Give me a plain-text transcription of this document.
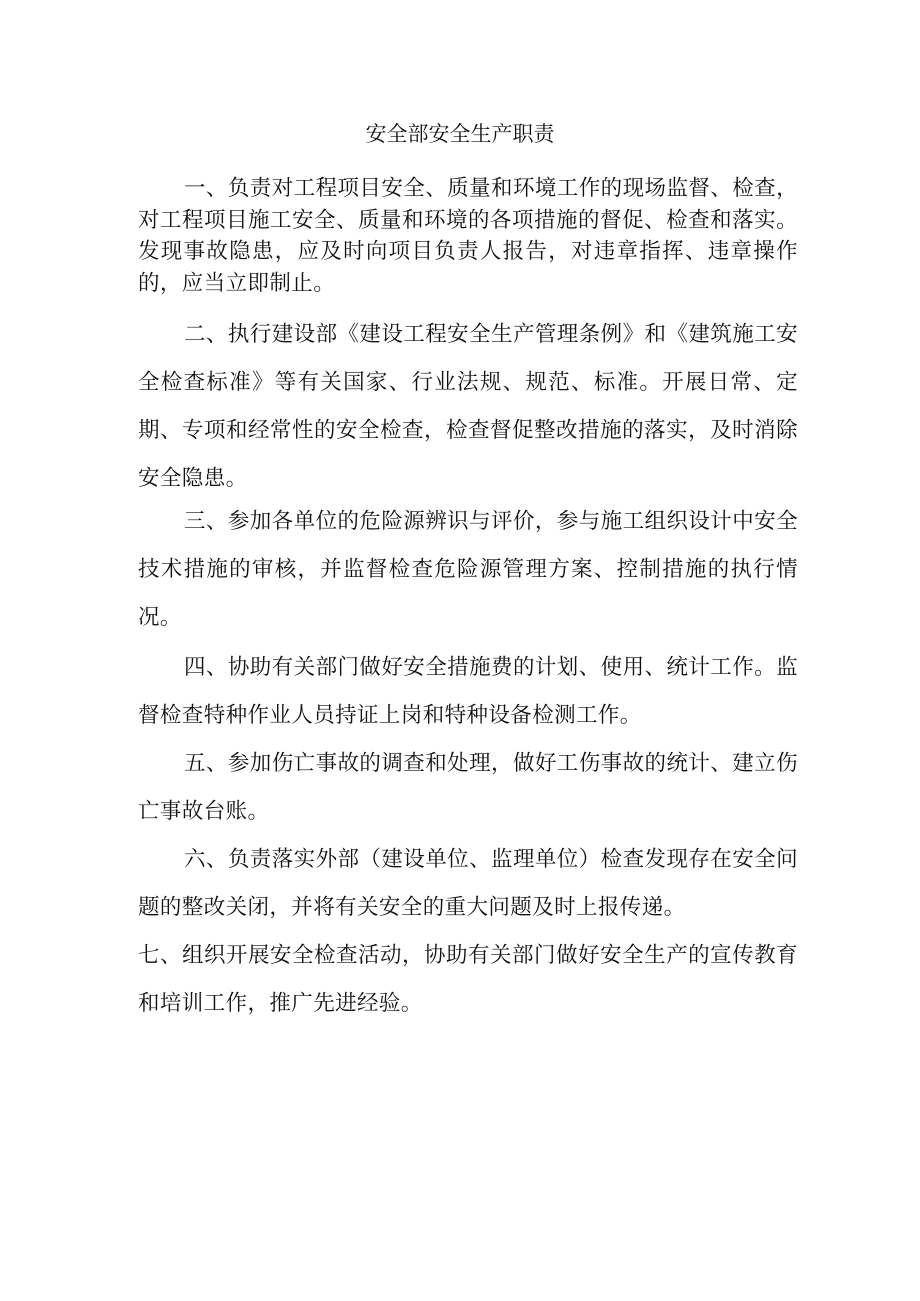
安全部安全生产职责

一、负责对工程项目安全、质量和环境工作的现场监督、检查，对工程项目施工安全、质量和环境的各项措施的督促、检查和落实。发现事故隐患，应及时向项目负责人报告，对违章指挥、违章操作的，应当立即制止。

二、执行建设部《建设工程安全生产管理条例》和《建筑施工安全检查标准》等有关国家、行业法规、规范、标准。开展日常、定期、专项和经常性的安全检查，检查督促整改措施的落实，及时消除安全隐患。

三、参加各单位的危险源辨识与评价，参与施工组织设计中安全技术措施的审核，并监督检查危险源管理方案、控制措施的执行情况。

四、协助有关部门做好安全措施费的计划、使用、统计工作。监督检查特种作业人员持证上岗和特种设备检测工作。

五、参加伤亡事故的调查和处理，做好工伤事故的统计、建立伤亡事故台账。

六、负责落实外部（建设单位、监理单位）检查发现存在安全问题的整改关闭，并将有关安全的重大问题及时上报传递。

七、组织开展安全检查活动，协助有关部门做好安全生产的宣传教育和培训工作，推广先进经验。
